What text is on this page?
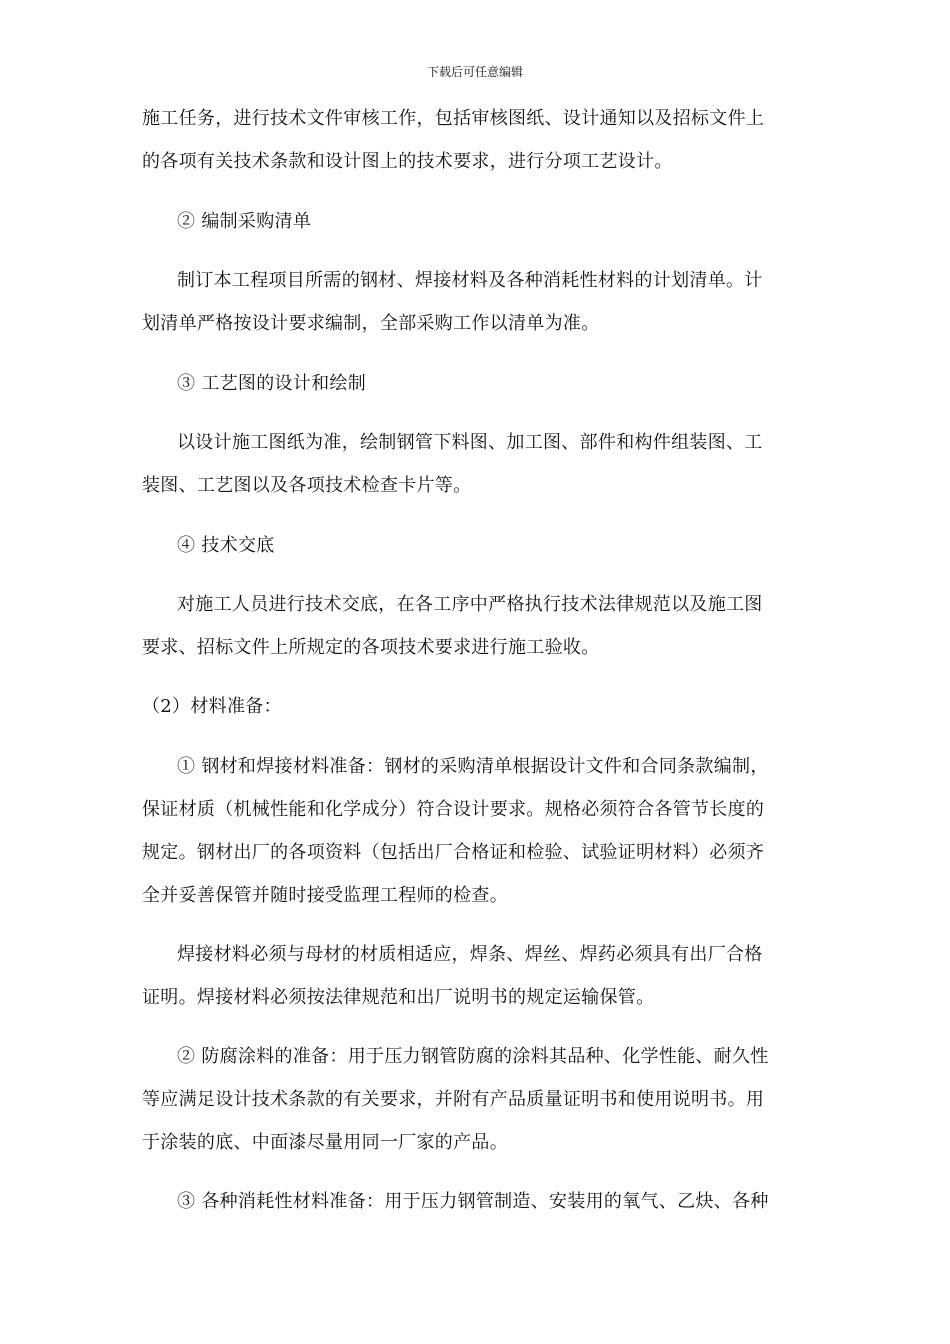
下载后可任意编辑
施工任务，进行技术文件审核工作，包括审核图纸、设计通知以及招标文件上
的各项有关技术条款和设计图上的技术要求，进行分项工艺设计。
② 编制采购清单
制订本工程项目所需的钢材、焊接材料及各种消耗性材料的计划清单。计
划清单严格按设计要求编制，全部采购工作以清单为准。
③ 工艺图的设计和绘制
以设计施工图纸为准，绘制钢管下料图、加工图、部件和构件组装图、工
装图、工艺图以及各项技术检查卡片等。
④ 技术交底
对施工人员进行技术交底，在各工序中严格执行技术法律规范以及施工图
要求、招标文件上所规定的各项技术要求进行施工验收。
（2）材料准备：
① 钢材和焊接材料准备：钢材的采购清单根据设计文件和合同条款编制，
保证材质（机械性能和化学成分）符合设计要求。规格必须符合各管节长度的
规定。钢材出厂的各项资料（包括出厂合格证和检验、试验证明材料）必须齐
全并妥善保管并随时接受监理工程师的检查。
焊接材料必须与母材的材质相适应，焊条、焊丝、焊药必须具有出厂合格
证明。焊接材料必须按法律规范和出厂说明书的规定运输保管。
② 防腐涂料的准备：用于压力钢管防腐的涂料其品种、化学性能、耐久性
等应满足设计技术条款的有关要求，并附有产品质量证明书和使用说明书。用
于涂装的底、中面漆尽量用同一厂家的产品。
③ 各种消耗性材料准备：用于压力钢管制造、安装用的氧气、乙炔、各种
